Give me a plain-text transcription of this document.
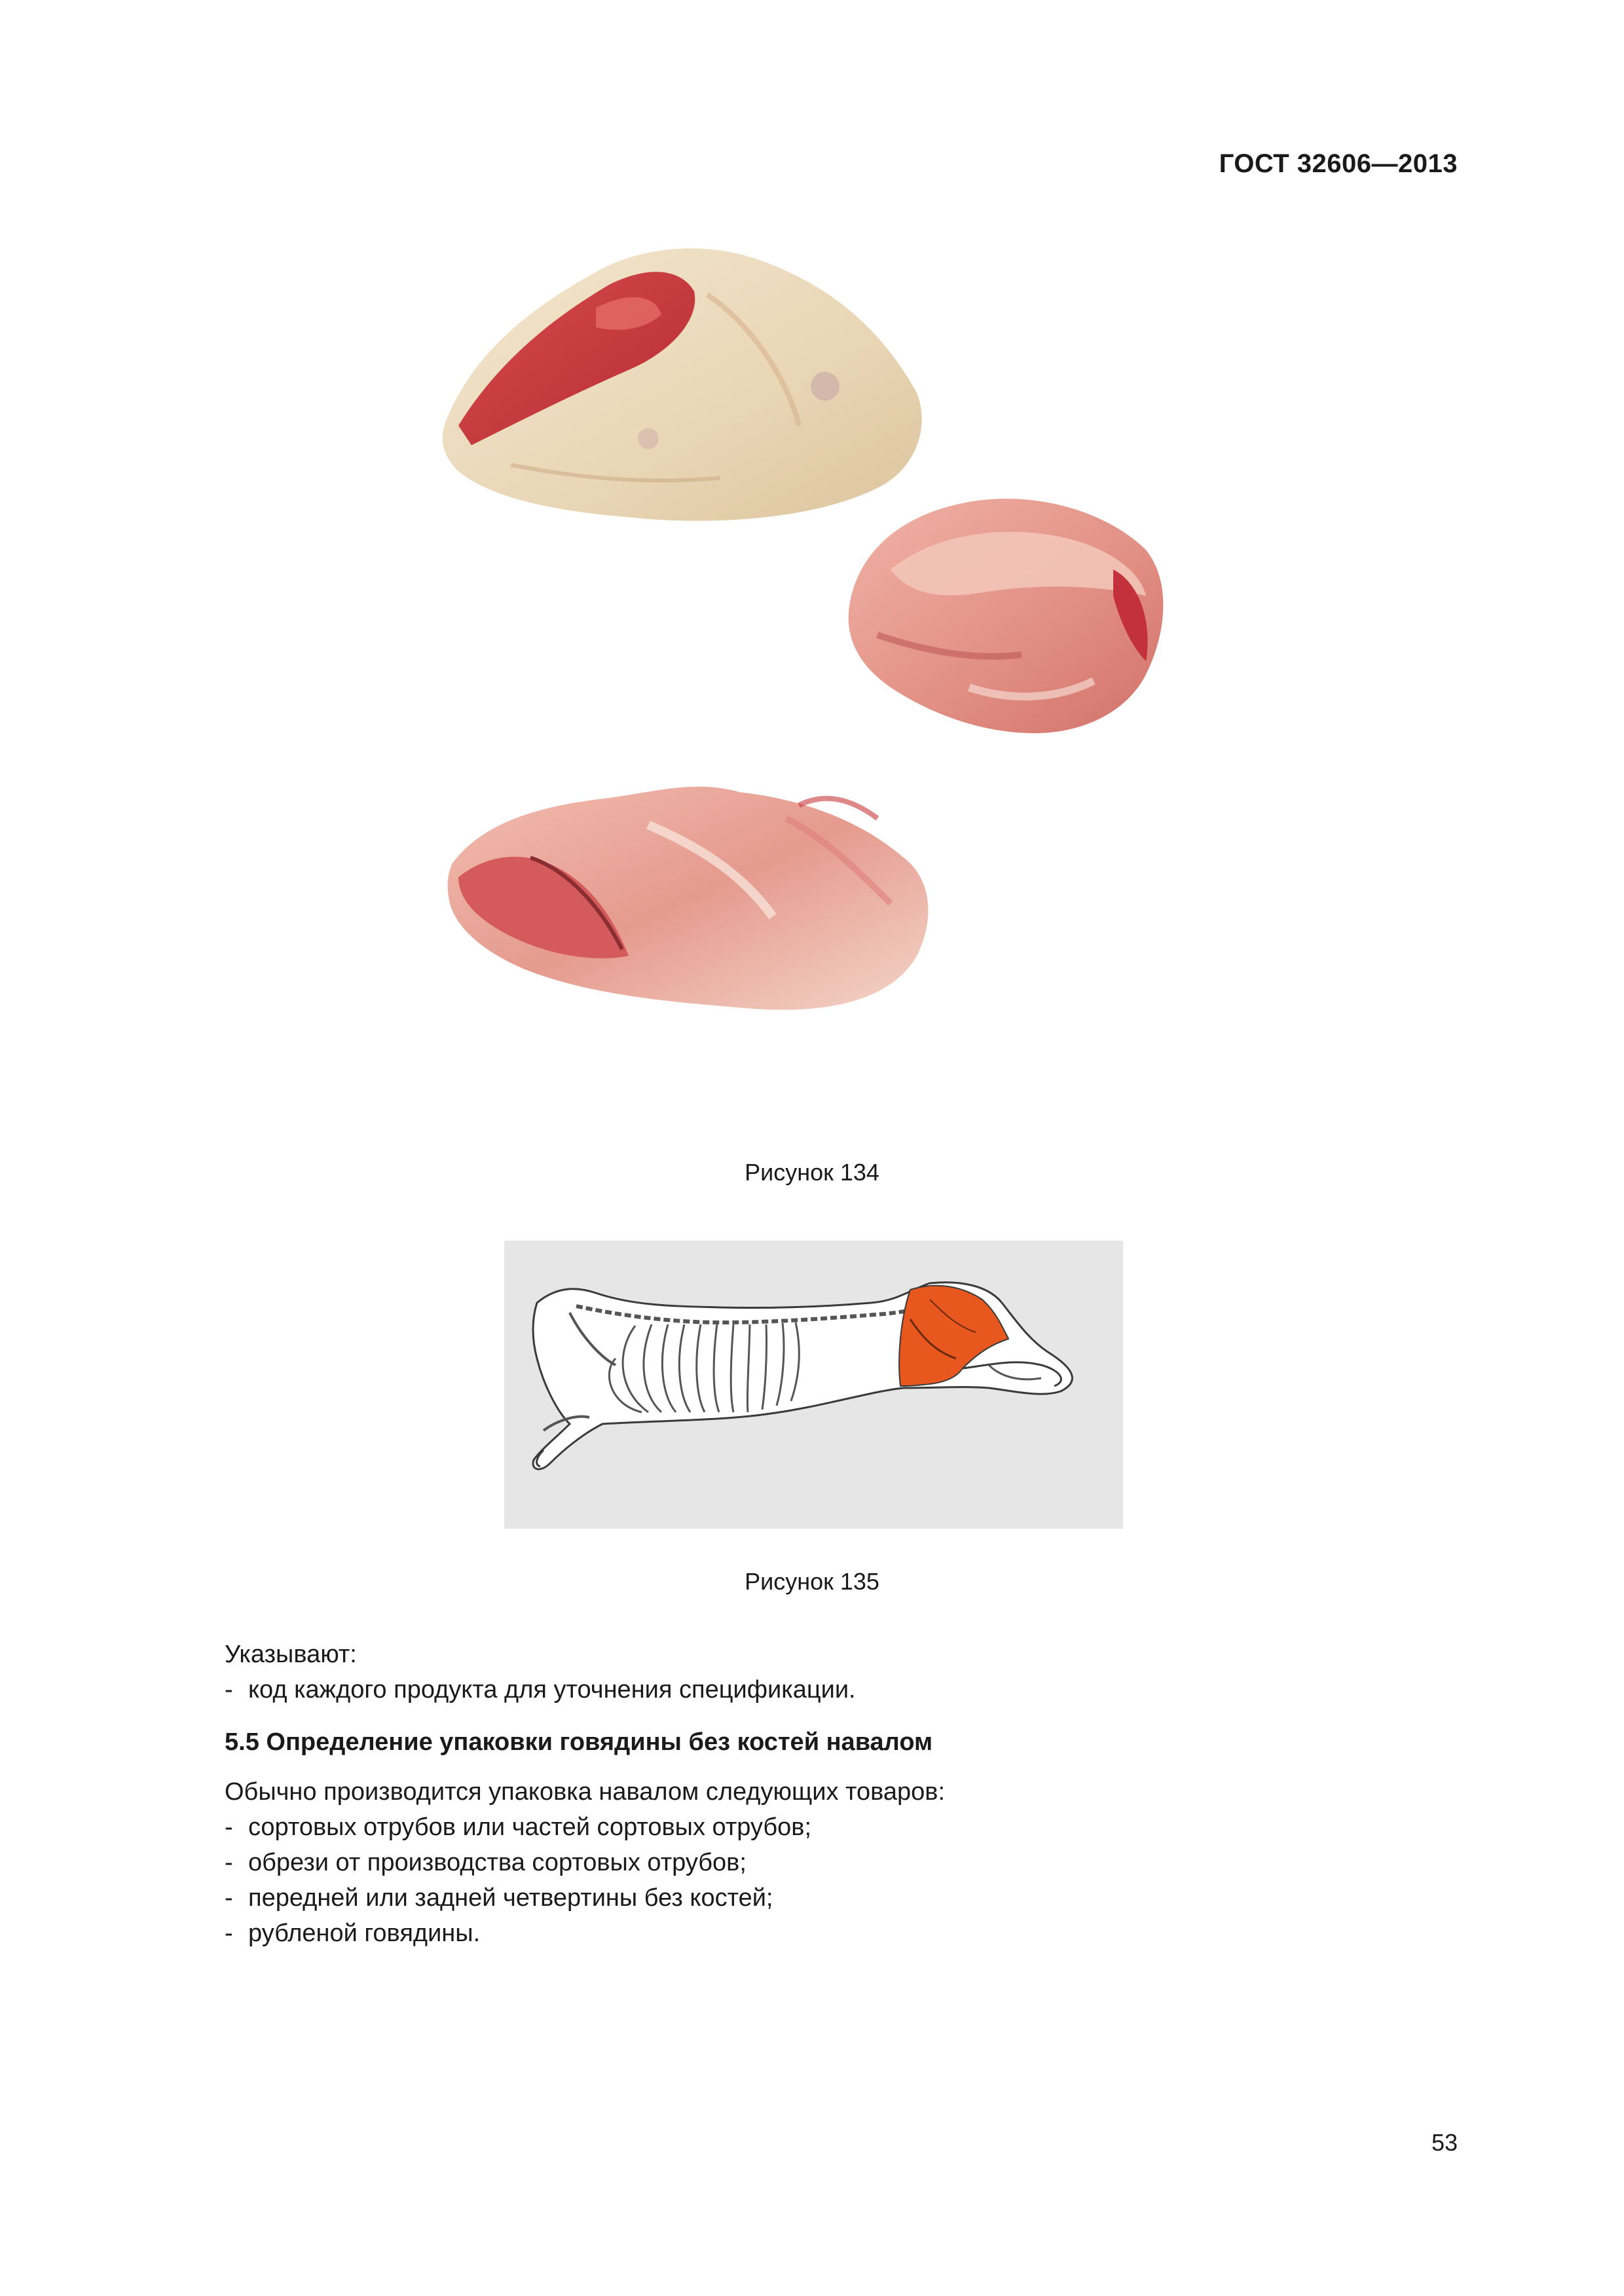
ГОСТ 32606—2013
Рисунок 134
Рисунок 135
Указывают:
- код каждого продукта для уточнения спецификации.
5.5 Определение упаковки говядины без костей навалом
Обычно производится упаковка навалом следующих товаров:
- сортовых отрубов или частей сортовых отрубов;
- обрези от производства сортовых отрубов;
- передней или задней четвертины без костей;
- рубленой говядины.
53
